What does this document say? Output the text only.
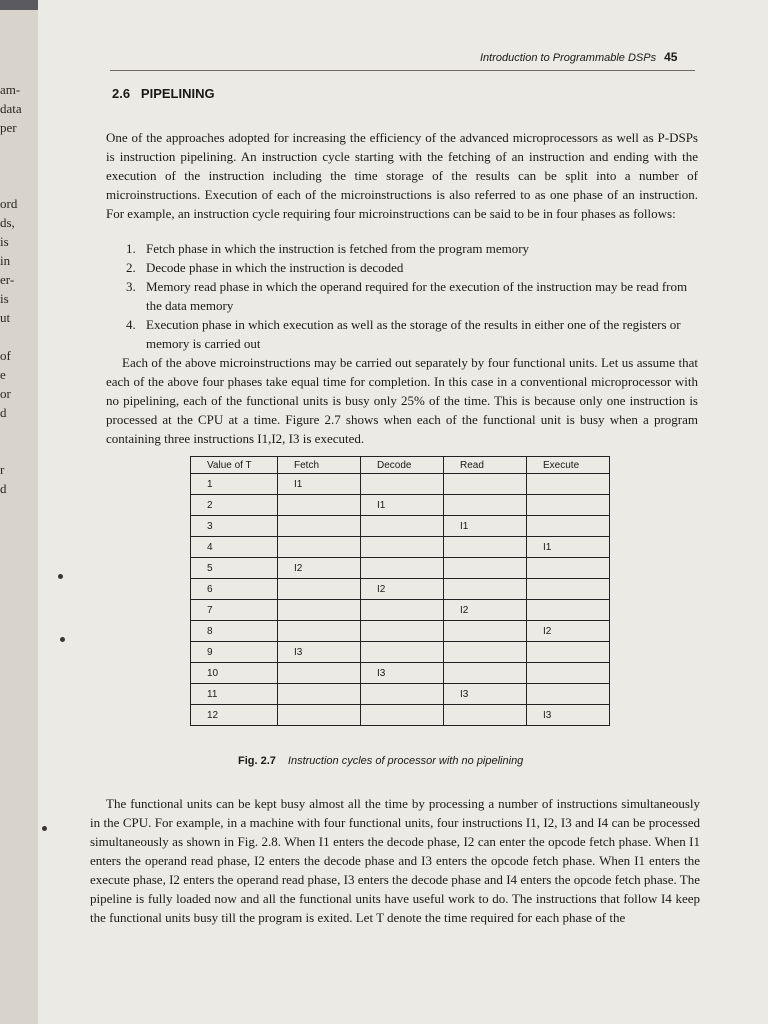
am-
data
per

ord
ds,
is
in
er-
is
ut

of
e
or
d

r
d
Introduction to Programmable DSPs 45
2.6 PIPELINING
One of the approaches adopted for increasing the efficiency of the advanced microprocessors as well as P-DSPs is instruction pipelining. An instruction cycle starting with the fetching of an instruction and ending with the execution of the instruction including the time storage of the results can be split into a number of microinstructions. Execution of each of the microinstructions is also referred to as one phase of an instruction. For example, an instruction cycle requiring four microinstructions can be said to be in four phases as follows:
1. Fetch phase in which the instruction is fetched from the program memory
2. Decode phase in which the instruction is decoded
3. Memory read phase in which the operand required for the execution of the instruction may be read from the data memory
4. Execution phase in which execution as well as the storage of the results in either one of the registers or memory is carried out
Each of the above microinstructions may be carried out separately by four functional units. Let us assume that each of the above four phases take equal time for completion. In this case in a conventional microprocessor with no pipelining, each of the functional units is busy only 25% of the time. This is because only one instruction is processed at the CPU at a time. Figure 2.7 shows when each of the functional unit is busy when a program containing three instructions I1,I2, I3 is executed.
Value of T	Fetch	Decode	Read	Execute
1	I1			
2		I1		
3			I1	
4				I1
5	I2			
6		I2		
7			I2	
8				I2
9	I3			
10		I3		
11			I3	
12				I3
Fig. 2.7 Instruction cycles of processor with no pipelining
The functional units can be kept busy almost all the time by processing a number of instructions simultaneously in the CPU. For example, in a machine with four functional units, four instructions I1, I2, I3 and I4 can be processed simultaneously as shown in Fig. 2.8. When I1 enters the decode phase, I2 can enter the opcode fetch phase. When I1 enters the operand read phase, I2 enters the decode phase and I3 enters the opcode fetch phase. When I1 enters the execute phase, I2 enters the operand read phase, I3 enters the decode phase and I4 enters the opcode fetch phase. The pipeline is fully loaded now and all the functional units have useful work to do. The instructions that follow I4 keep the functional units busy till the program is exited. Let T denote the time required for each phase of the
